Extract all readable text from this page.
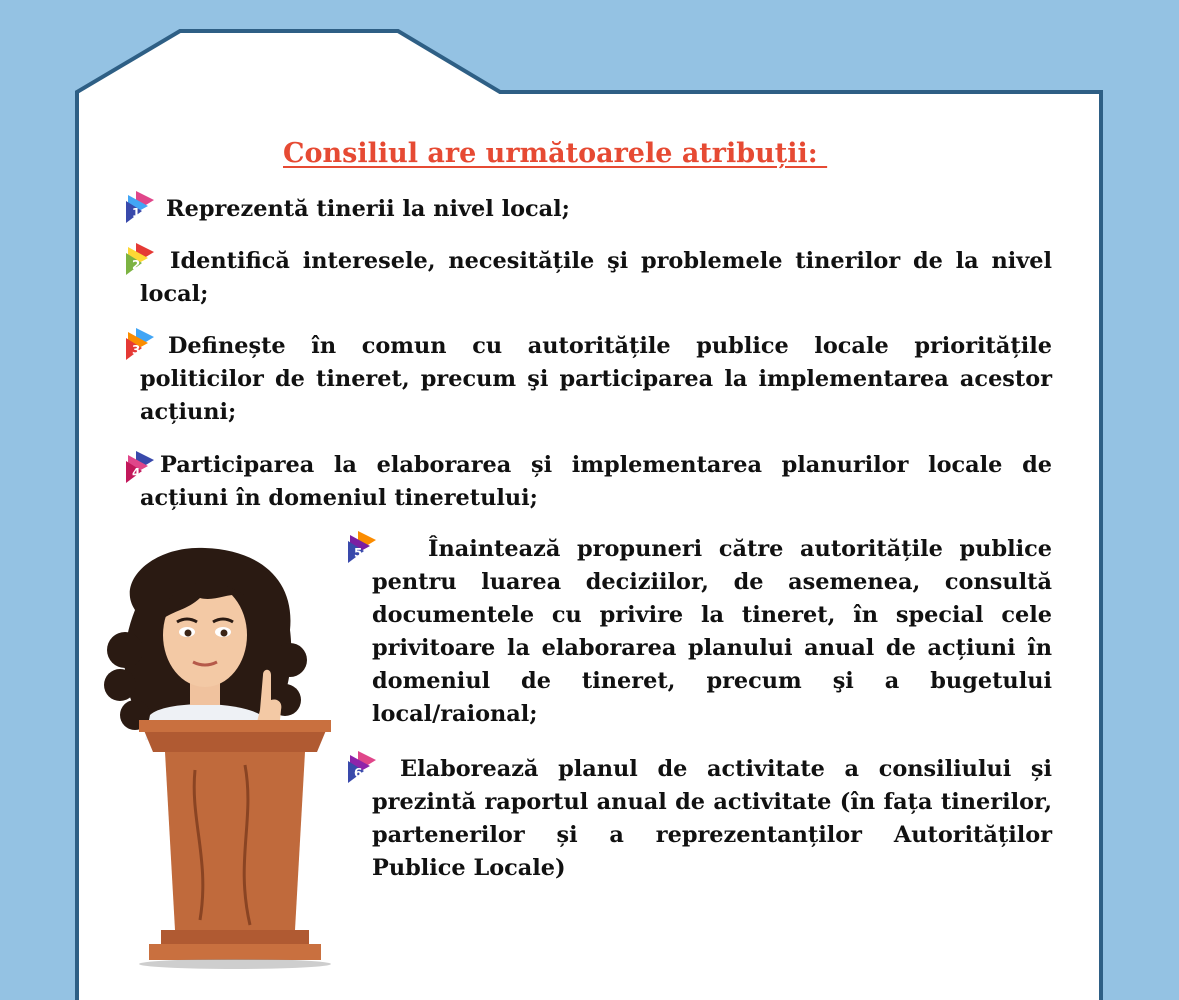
Consiliul are următoarele atribuții:
1
2
3
4
5
6

Reprezentă tinerii la nivel local;

Identifică interesele, necesitățile şi problemele tinerilor de la nivel local;

Definește în comun cu autoritățile publice locale prioritățile politicilor de tineret, precum şi participarea la implementarea acestor acțiuni;

Participarea la elaborarea și implementarea planurilor locale de acțiuni în domeniul tineretului;

Înaintează propuneri către autoritățile publice pentru luarea deciziilor, de asemenea, consultă documentele cu privire la tineret, în special cele privitoare la elaborarea planului anual de acțiuni în domeniul de tineret, precum şi a bugetului local/raional;

Elaborează planul de activitate a consiliului și prezintă raportul anual de activitate (în fața tinerilor, partenerilor și a reprezentanților Autorităților Publice Locale)
